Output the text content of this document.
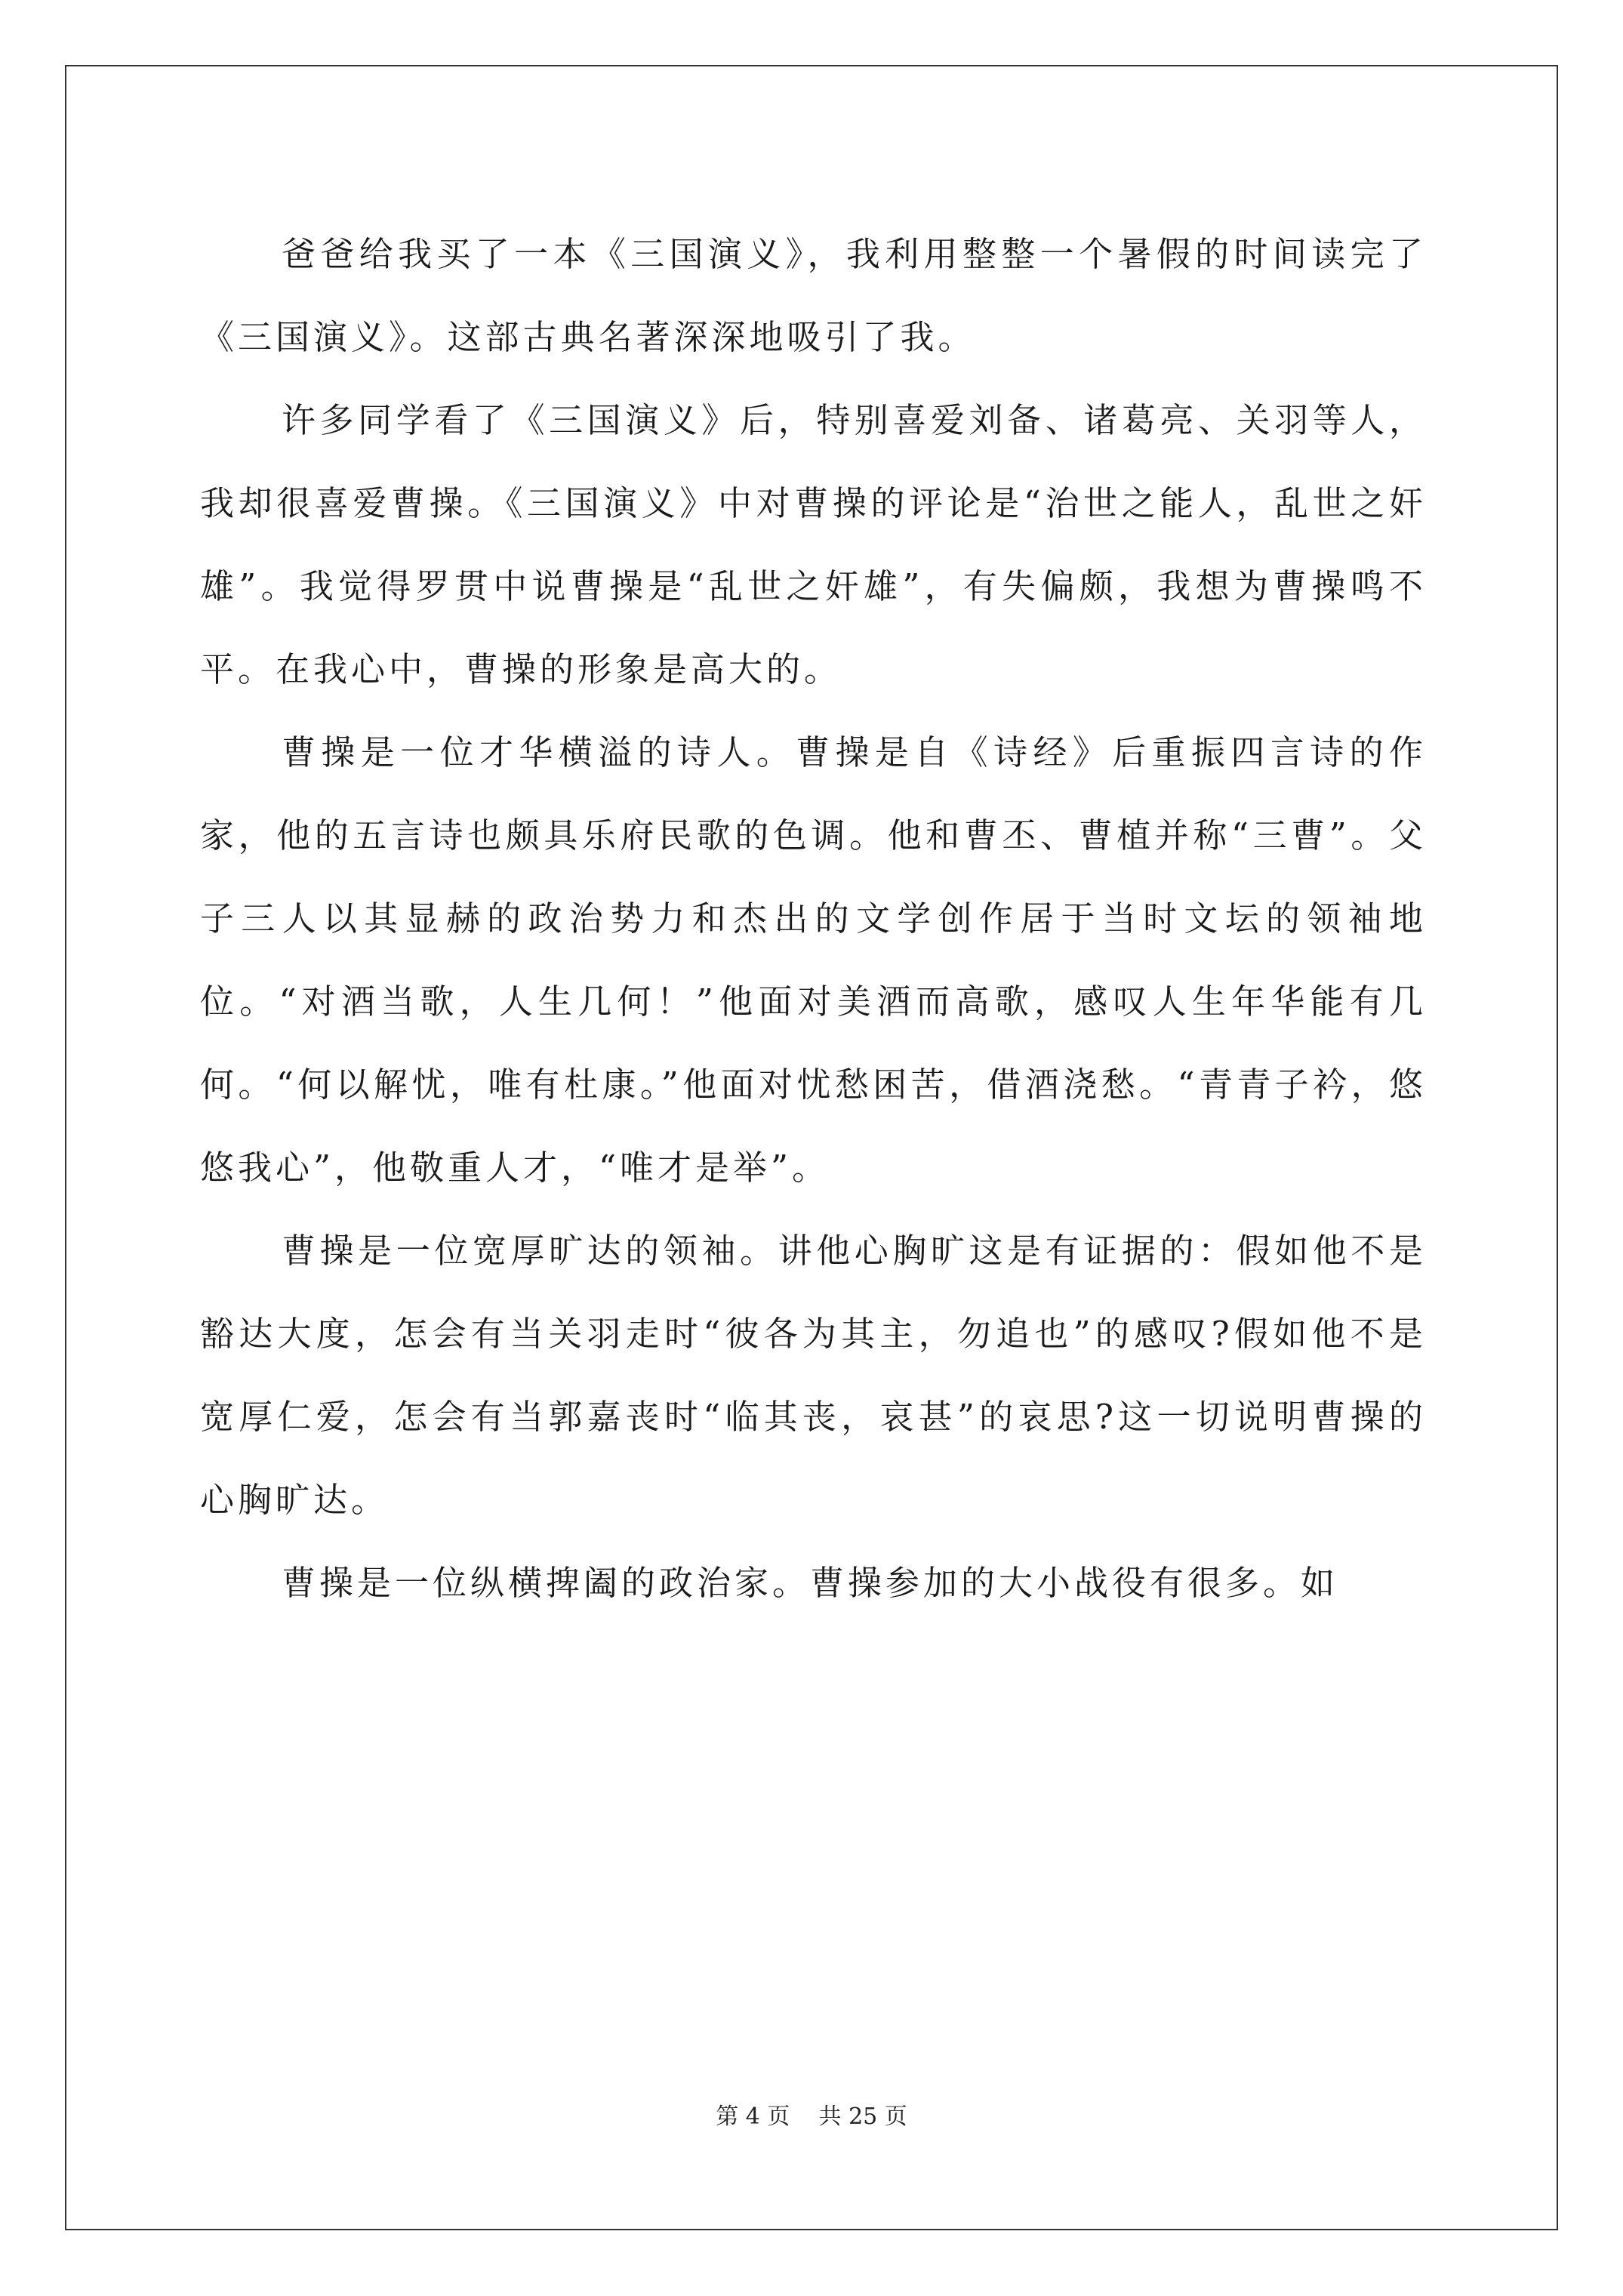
爸爸给我买了一本《三国演义》，我利用整整一个暑假的时间读完了《三国演义》。这部古典名著深深地吸引了我。

许多同学看了《三国演义》后，特别喜爱刘备、诸葛亮、关羽等人，我却很喜爱曹操。《三国演义》中对曹操的评论是“治世之能人，乱世之奸雄”。我觉得罗贯中说曹操是“乱世之奸雄”，有失偏颇，我想为曹操鸣不平。在我心中，曹操的形象是高大的。

曹操是一位才华横溢的诗人。曹操是自《诗经》后重振四言诗的作家，他的五言诗也颇具乐府民歌的色调。他和曹丕、曹植并称“三曹”。父子三人以其显赫的政治势力和杰出的文学创作居于当时文坛的领袖地位。“对酒当歌，人生几何！”他面对美酒而高歌，感叹人生年华能有几何。“何以解忧，唯有杜康。”他面对忧愁困苦，借酒浇愁。“青青子衿，悠悠我心”，他敬重人才，“唯才是举”。

曹操是一位宽厚旷达的领袖。讲他心胸旷这是有证据的：假如他不是豁达大度，怎会有当关羽走时“彼各为其主，勿追也”的感叹?假如他不是宽厚仁爱，怎会有当郭嘉丧时“临其丧，哀甚”的哀思?这一切说明曹操的心胸旷达。

曹操是一位纵横捭阖的政治家。曹操参加的大小战役有很多。如

第 4 页 共 25 页
